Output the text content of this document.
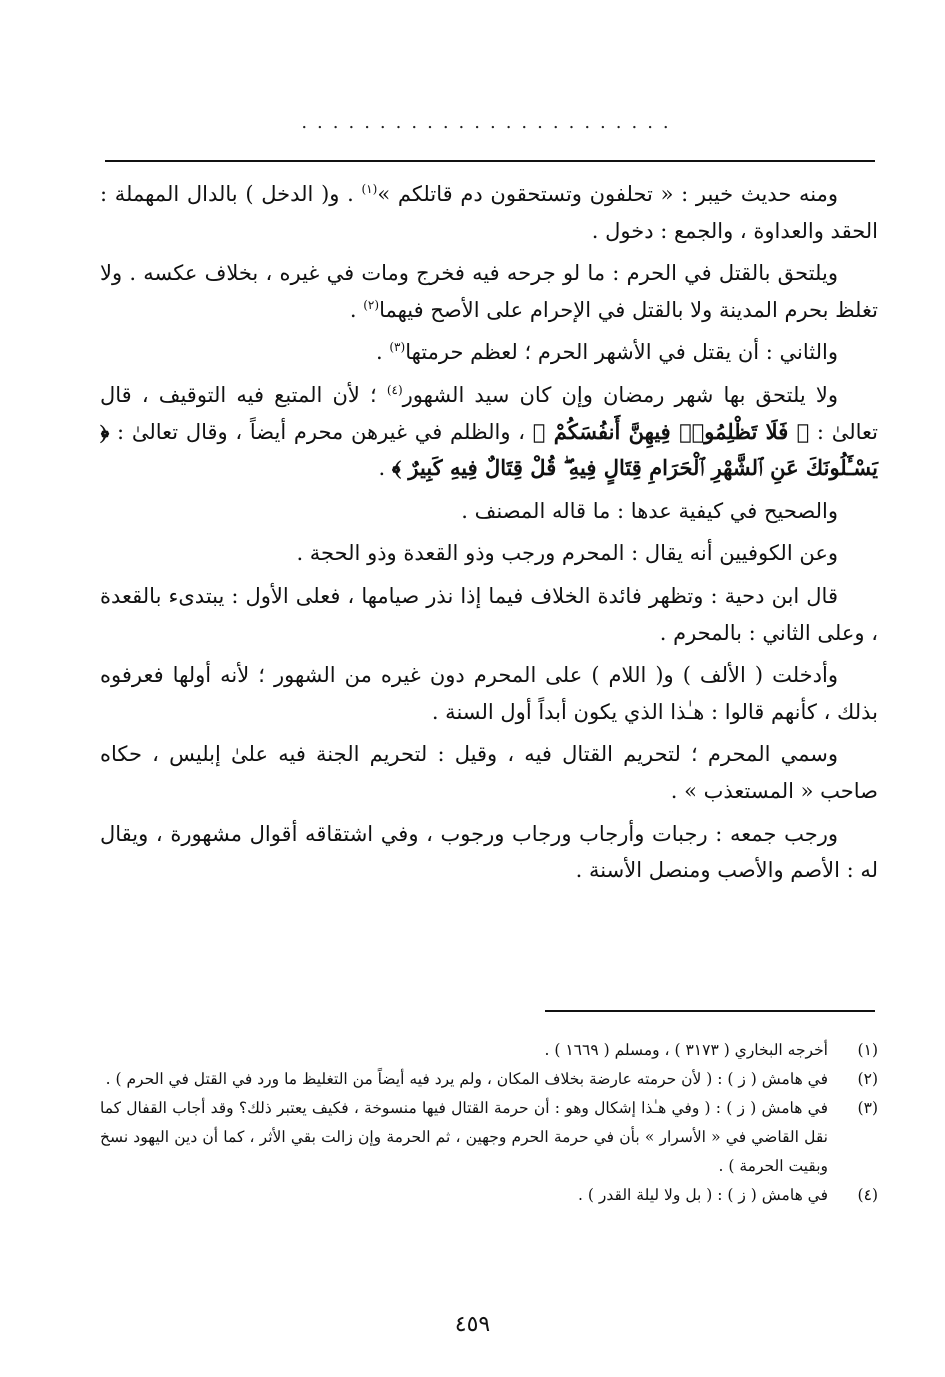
........................

ومنه حديث خيبر : « تحلفون وتستحقون دم قاتلكم »$^{(١)}$ . و( الدخل ) بالدال المهملة : الحقد والعداوة ، والجمع : دخول .

ويلتحق بالقتل في الحرم : ما لو جرحه فيه فخرج ومات في غيره ، بخلاف عكسه . ولا تغلظ بحرم المدينة ولا بالقتل في الإحرام على الأصح فيهما$^{(٢)}$ .

والثاني : أن يقتل في الأشهر الحرم ؛ لعظم حرمتها$^{(٣)}$ .

ولا يلتحق بها شهر رمضان وإن كان سيد الشهور$^{(٤)}$ ؛ لأن المتبع فيه التوقيف ، قال تعالىٰ : ﴿ فَلَا تَظْلِمُوا۟ فِيهِنَّ أَنفُسَكُمْ ﴾ ، والظلم في غيرهن محرم أيضاً ، وقال تعالىٰ : ﴿ يَسْـَٔلُونَكَ عَنِ ٱلشَّهْرِ ٱلْحَرَامِ قِتَالٍ فِيهِ ۖ قُلْ قِتَالٌ فِيهِ كَبِيرٌ ﴾ .

والصحيح في كيفية عدها : ما قاله المصنف .

وعن الكوفيين أنه يقال : المحرم ورجب وذو القعدة وذو الحجة .

قال ابن دحية : وتظهر فائدة الخلاف فيما إذا نذر صيامها ، فعلى الأول : يبتدىء بالقعدة ، وعلى الثاني : بالمحرم .

وأدخلت ( الألف ) و( اللام ) على المحرم دون غيره من الشهور ؛ لأنه أولها فعرفوه بذلك ، كأنهم قالوا : هـٰذا الذي يكون أبداً أول السنة .

وسمي المحرم ؛ لتحريم القتال فيه ، وقيل : لتحريم الجنة فيه علىٰ إبليس ، حكاه صاحب « المستعذب » .

ورجب جمعه : رجبات وأرجاب ورجاب ورجوب ، وفي اشتقاقه أقوال مشهورة ، ويقال له : الأصم والأصب ومنصل الأسنة .

(١)
أخرجه البخاري ( ٣١٧٣ ) ، ومسلم ( ١٦٦٩ ) .
(٢)
في هامش ( ز ) : ( لأن حرمته عارضة بخلاف المكان ، ولم يرد فيه أيضاً من التغليظ ما ورد في القتل في الحرم ) .
(٣)
في هامش ( ز ) : ( وفي هـٰذا إشكال وهو : أن حرمة القتال فيها منسوخة ، فكيف يعتبر ذلك؟ وقد أجاب القفال كما نقل القاضي في « الأسرار » بأن في حرمة الحرم وجهين ، ثم الحرمة وإن زالت بقي الأثر ، كما أن دين اليهود نسخ وبقيت الحرمة ) .
(٤)
في هامش ( ز ) : ( بل ولا ليلة القدر ) .
٤٥٩
